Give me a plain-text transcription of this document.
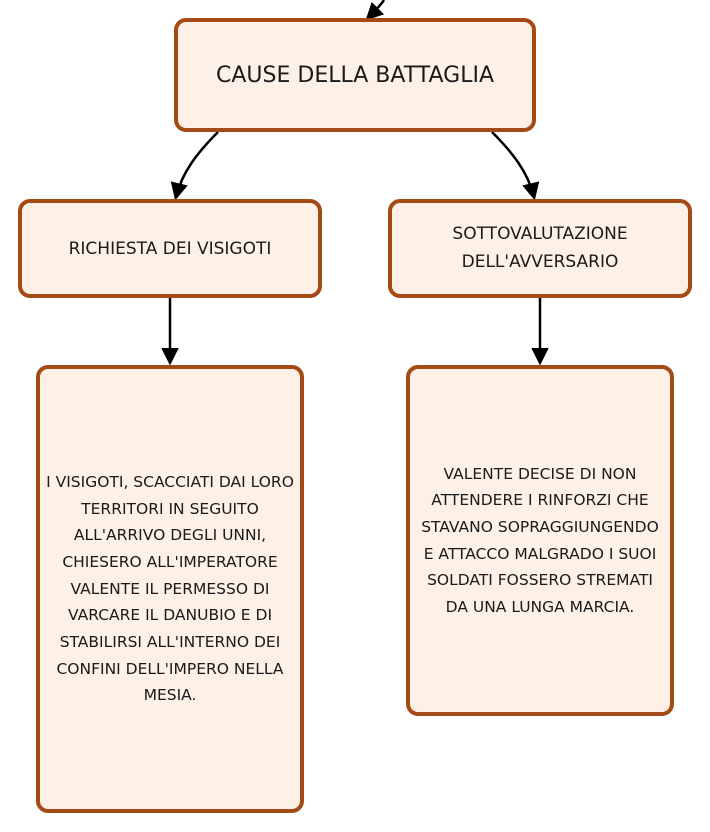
CAUSE DELLA BATTAGLIA
RICHIESTA DEI VISIGOTI
SOTTOVALUTAZIONE DELL'AVVERSARIO
I VISIGOTI, SCACCIATI DAI LORO TERRITORI IN SEGUITO ALL'ARRIVO DEGLI UNNI, CHIESERO ALL'IMPERATORE VALENTE IL PERMESSO DI VARCARE IL DANUBIO E DI STABILIRSI ALL'INTERNO DEI CONFINI DELL'IMPERO NELLA MESIA.
VALENTE DECISE DI NON ATTENDERE I RINFORZI CHE STAVANO SOPRAGGIUNGENDO E ATTACCO MALGRADO I SUOI SOLDATI FOSSERO STREMATI DA UNA LUNGA MARCIA.
